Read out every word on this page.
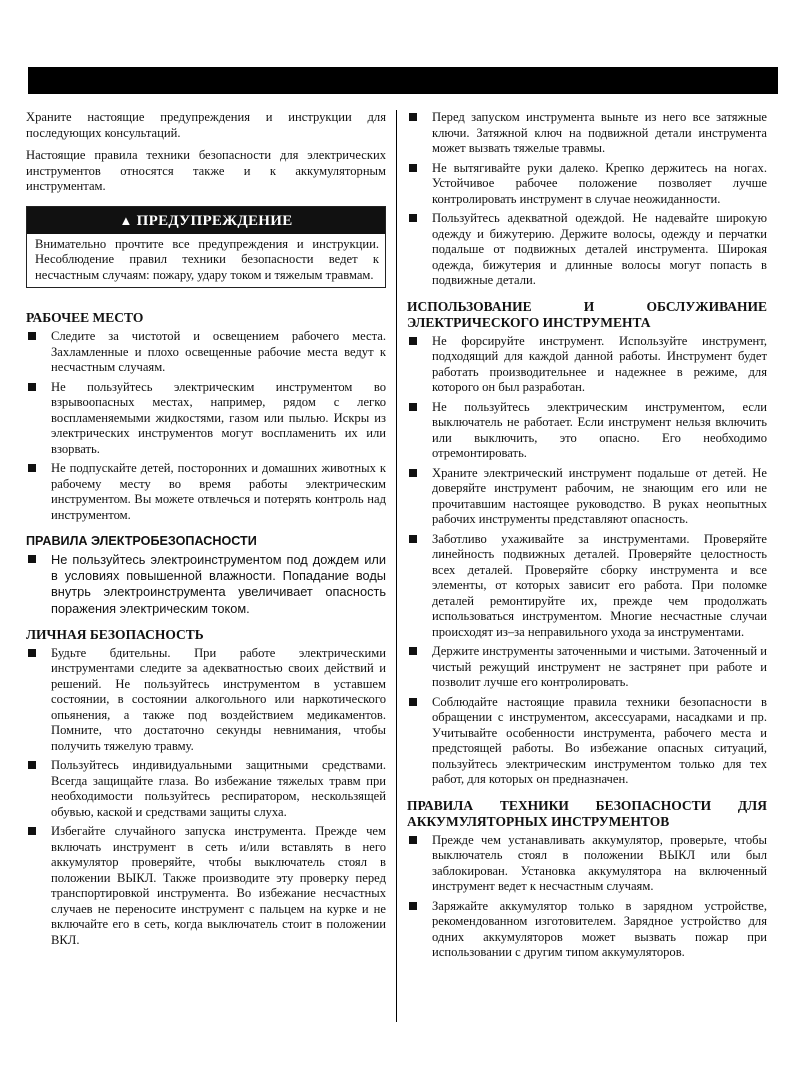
Храните настоящие предупреждения и инструкции для последующих консультаций.

Настоящие правила техники безопасности для электрических инструментов относятся также и к аккумуляторным инструментам.

▲ ПРЕДУПРЕЖДЕНИЕ

Внимательно прочтите все предупреждения и инструкции. Несоблюдение правил техники безопасности ведет к несчастным случаям: пожару, удару током и тяжелым травмам.

РАБОЧЕЕ МЕСТО

Следите за чистотой и освещением рабочего места. Захламленные и плохо освещенные рабочие места ведут к несчастным случаям.

Не пользуйтесь электрическим инструментом во взрывоопасных местах, например, рядом с легко воспламеняемыми жидкостями, газом или пылью. Искры из электрических инструментов могут воспламенить их или взорвать.

Не подпускайте детей, посторонних и домашних животных к рабочему месту во время работы электрическим инструментом. Вы можете отвлечься и потерять контроль над инструментом.

ПРАВИЛА ЭЛЕКТРОБЕЗОПАСНОСТИ

Не пользуйтесь электроинструментом под дождем или в условиях повышенной влажности. Попадание воды внутрь электроинструмента увеличивает опасность поражения электрическим током.

ЛИЧНАЯ БЕЗОПАСНОСТЬ

Будьте бдительны. При работе электрическими инструментами следите за адекватностью своих действий и решений. Не пользуйтесь инструментом в уставшем состоянии, в состоянии алкогольного или наркотического опьянения, а также под воздействием медикаментов. Помните, что достаточно секунды невнимания, чтобы получить тяжелую травму.

Пользуйтесь индивидуальными защитными средствами. Всегда защищайте глаза. Во избежание тяжелых травм при необходимости пользуйтесь респиратором, нескользящей обувью, каской и средствами защиты слуха.

Избегайте случайного запуска инструмента. Прежде чем включать инструмент в сеть и/или вставлять в него аккумулятор проверяйте, чтобы выключатель стоял в положении ВЫКЛ. Также производите эту проверку перед транспортировкой инструмента. Во избежание несчастных случаев не переносите инструмент с пальцем на курке и не включайте его в сеть, когда выключатель стоит в положении ВКЛ.

Перед запуском инструмента выньте из него все затяжные ключи. Затяжной ключ на подвижной детали инструмента может вызвать тяжелые травмы.

Не вытягивайте руки далеко. Крепко держитесь на ногах. Устойчивое рабочее положение позволяет лучше контролировать инструмент в случае неожиданности.

Пользуйтесь адекватной одеждой. Не надевайте широкую одежду и бижутерию. Держите волосы, одежду и перчатки подальше от подвижных деталей инструмента. Широкая одежда, бижутерия и длинные волосы могут попасть в подвижные детали.

ИСПОЛЬЗОВАНИЕ И ОБСЛУЖИВАНИЕ ЭЛЕКТРИЧЕСКОГО ИНСТРУМЕНТА

Не форсируйте инструмент. Используйте инструмент, подходящий для каждой данной работы. Инструмент будет работать производительнее и надежнее в режиме, для которого он был разработан.

Не пользуйтесь электрическим инструментом, если выключатель не работает. Если инструмент нельзя включить или выключить, это опасно. Его необходимо отремонтировать.

Храните электрический инструмент подальше от детей. Не доверяйте инструмент рабочим, не знающим его или не прочитавшим настоящее руководство. В руках неопытных рабочих инструменты представляют опасность.

Заботливо ухаживайте за инструментами. Проверяйте линейность подвижных деталей. Проверяйте целостность всех деталей. Проверяйте сборку инструмента и все элементы, от которых зависит его работа. При поломке деталей ремонтируйте их, прежде чем продолжать использоваться инструментом. Многие несчастные случаи происходят из–за неправильного ухода за инструментами.

Держите инструменты заточенными и чистыми. Заточенный и чистый режущий инструмент не застрянет при работе и позволит лучше его контролировать.

Соблюдайте настоящие правила техники безопасности в обращении с инструментом, аксессуарами, насадками и пр. Учитывайте особенности инструмента, рабочего места и предстоящей работы. Во избежание опасных ситуаций, пользуйтесь электрическим инструментом только для тех работ, для которых он предназначен.

ПРАВИЛА ТЕХНИКИ БЕЗОПАСНОСТИ ДЛЯ АККУМУЛЯТОРНЫХ ИНСТРУМЕНТОВ

Прежде чем устанавливать аккумулятор, проверьте, чтобы выключатель стоял в положении ВЫКЛ или был заблокирован. Установка аккумулятора на включенный инструмент ведет к несчастным случаям.

Заряжайте аккумулятор только в зарядном устройстве, рекомендованном изготовителем. Зарядное устройство для одних аккумуляторов может вызвать пожар при использовании с другим типом аккумуляторов.
